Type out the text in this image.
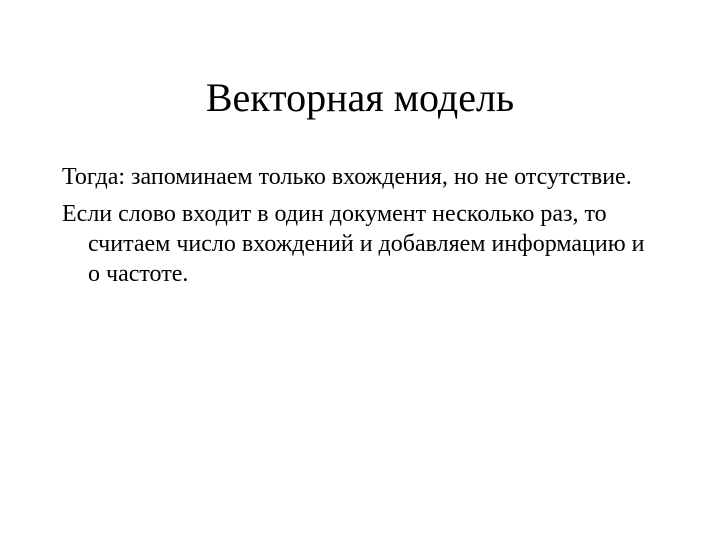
Векторная модель
Тогда: запоминаем только вхождения, но не отсутствие.
Если слово входит в один документ несколько раз, то считаем число вхождений и добавляем информацию и о частоте.
